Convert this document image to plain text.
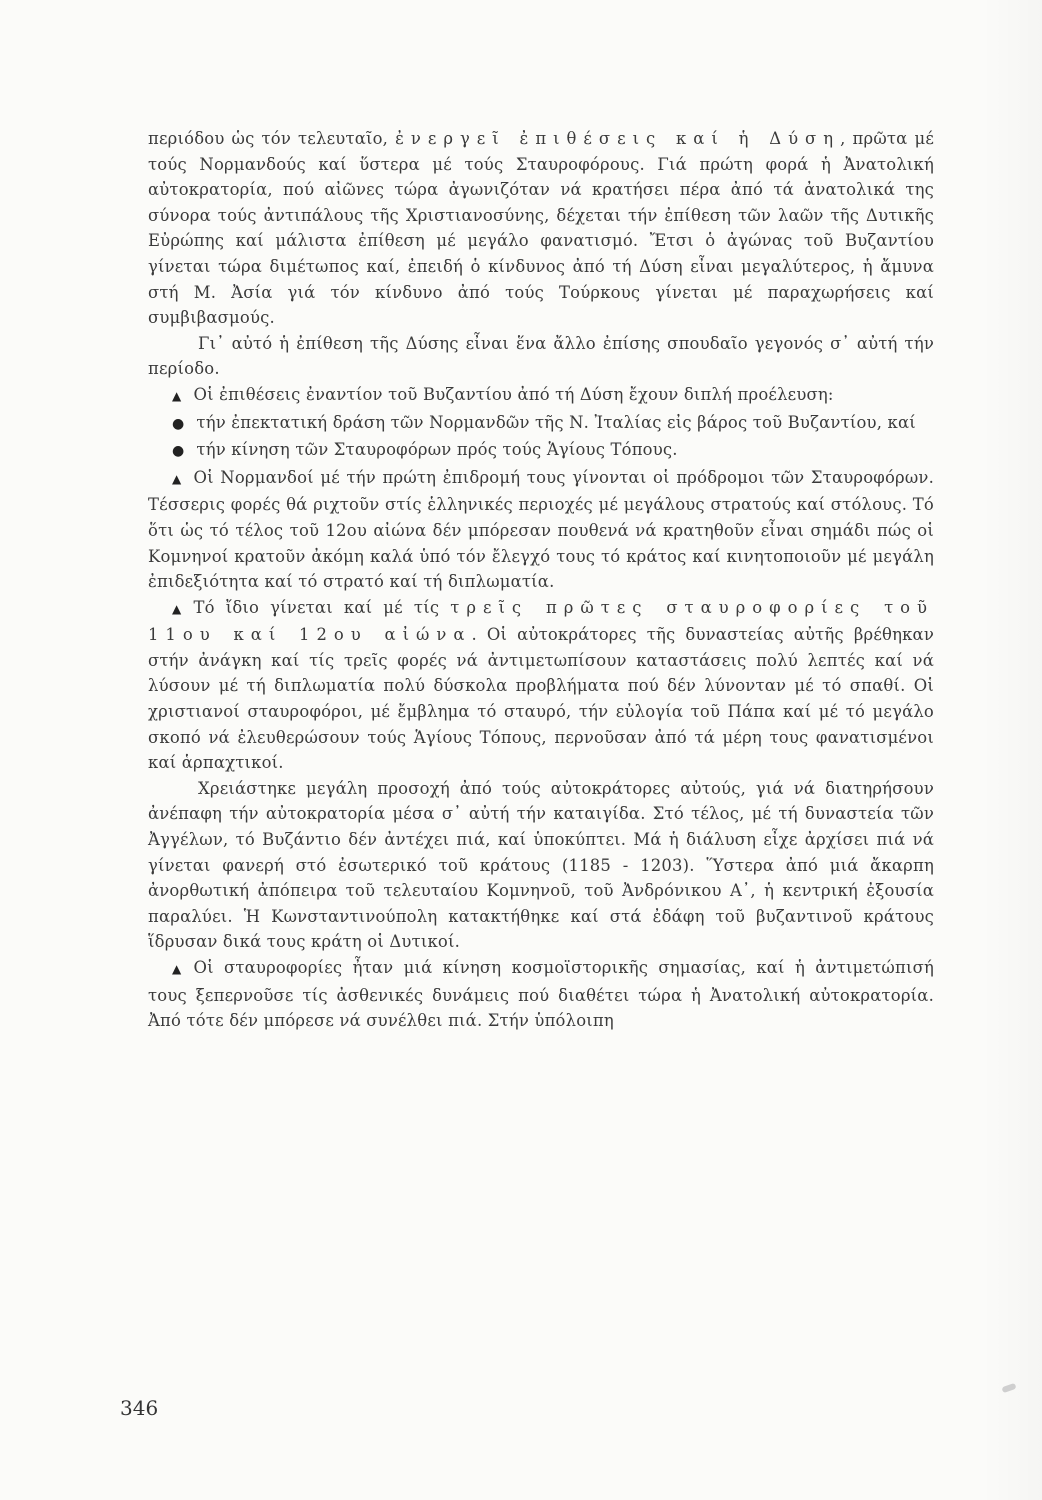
περιόδου ὡς τόν τελευταῖο, ἐνεργεῖ ἐπιθέσεις καί ἡ Δύση, πρῶτα μέ τούς Νορμανδούς καί ὕστερα μέ τούς Σταυροφόρους. Γιά πρώτη φορά ἡ Ἀνατολική αὐτοκρατορία, πού αἰῶνες τώρα ἀγωνιζόταν νά κρατήσει πέρα ἀπό τά ἀνατολικά της σύνορα τούς ἀντιπάλους τῆς Χριστιανοσύνης, δέχεται τήν ἐπίθεση τῶν λαῶν τῆς Δυτικῆς Εὐρώπης καί μάλιστα ἐπίθεση μέ μεγάλο φανατισμό. Ἔτσι ὁ ἀγώνας τοῦ Βυζαντίου γίνεται τώρα διμέτωπος καί, ἐπειδή ὁ κίνδυνος ἀπό τή Δύση εἶναι μεγαλύτερος, ἡ ἄμυνα στή Μ. Ἀσία γιά τόν κίνδυνο ἀπό τούς Τούρκους γίνεται μέ παραχωρήσεις καί συμβιβασμούς.

Γι᾿ αὐτό ἡ ἐπίθεση τῆς Δύσης εἶναι ἕνα ἄλλο ἐπίσης σπουδαῖο γεγονός σ᾿ αὐτή τήν περίοδο.

▲ Οἱ ἐπιθέσεις ἐναντίον τοῦ Βυζαντίου ἀπό τή Δύση ἔχουν διπλή προέλευση:

● τήν ἐπεκτατική δράση τῶν Νορμανδῶν τῆς Ν. Ἰταλίας εἰς βάρος τοῦ Βυζαντίου, καί

● τήν κίνηση τῶν Σταυροφόρων πρός τούς Ἁγίους Τόπους.

▲ Οἱ Νορμανδοί μέ τήν πρώτη ἐπιδρομή τους γίνονται οἱ πρόδρομοι τῶν Σταυροφόρων. Τέσσερις φορές θά ριχτοῦν στίς ἑλληνικές περιοχές μέ μεγάλους στρατούς καί στόλους. Τό ὅτι ὡς τό τέλος τοῦ 12ου αἰώνα δέν μπόρεσαν πουθενά νά κρατηθοῦν εἶναι σημάδι πώς οἱ Κομνηνοί κρατοῦν ἀκόμη καλά ὑπό τόν ἔλεγχό τους τό κράτος καί κινητοποιοῦν μέ μεγάλη ἐπιδεξιότητα καί τό στρατό καί τή διπλωματία.

▲ Τό ἴδιο γίνεται καί μέ τίς τρεῖς πρῶτες σταυροφορίες τοῦ 11ου καί 12ου αἰώνα. Οἱ αὐτοκράτορες τῆς δυναστείας αὐτῆς βρέθηκαν στήν ἀνάγκη καί τίς τρεῖς φορές νά ἀντιμετωπίσουν καταστάσεις πολύ λεπτές καί νά λύσουν μέ τή διπλωματία πολύ δύσκολα προβλήματα πού δέν λύνονταν μέ τό σπαθί. Οἱ χριστιανοί σταυροφόροι, μέ ἔμβλημα τό σταυρό, τήν εὐλογία τοῦ Πάπα καί μέ τό μεγάλο σκοπό νά ἐλευθερώσουν τούς Ἁγίους Τόπους, περνοῦσαν ἀπό τά μέρη τους φανατισμένοι καί ἁρπαχτικοί.

Χρειάστηκε μεγάλη προσοχή ἀπό τούς αὐτοκράτορες αὐτούς, γιά νά διατηρήσουν ἀνέπαφη τήν αὐτοκρατορία μέσα σ᾿ αὐτή τήν καταιγίδα. Στό τέλος, μέ τή δυναστεία τῶν Ἀγγέλων, τό Βυζάντιο δέν ἀντέχει πιά, καί ὑποκύπτει. Μά ἡ διάλυση εἶχε ἀρχίσει πιά νά γίνεται φανερή στό ἐσωτερικό τοῦ κράτους (1185 - 1203). Ὕστερα ἀπό μιά ἄκαρπη ἀνορθωτική ἀπόπειρα τοῦ τελευταίου Κομνηνοῦ, τοῦ Ἀνδρόνικου Α᾿, ἡ κεντρική ἐξουσία παραλύει. Ἡ Κωνσταντινούπολη κατακτήθηκε καί στά ἐδάφη τοῦ βυζαντινοῦ κράτους ἵδρυσαν δικά τους κράτη οἱ Δυτικοί.

▲ Οἱ σταυροφορίες ἦταν μιά κίνηση κοσμοϊστορικῆς σημασίας, καί ἡ ἀντιμετώπισή τους ξεπερνοῦσε τίς ἀσθενικές δυνάμεις πού διαθέτει τώρα ἡ Ἀνατολική αὐτοκρατορία. Ἀπό τότε δέν μπόρεσε νά συνέλθει πιά. Στήν ὑπόλοιπη

346
